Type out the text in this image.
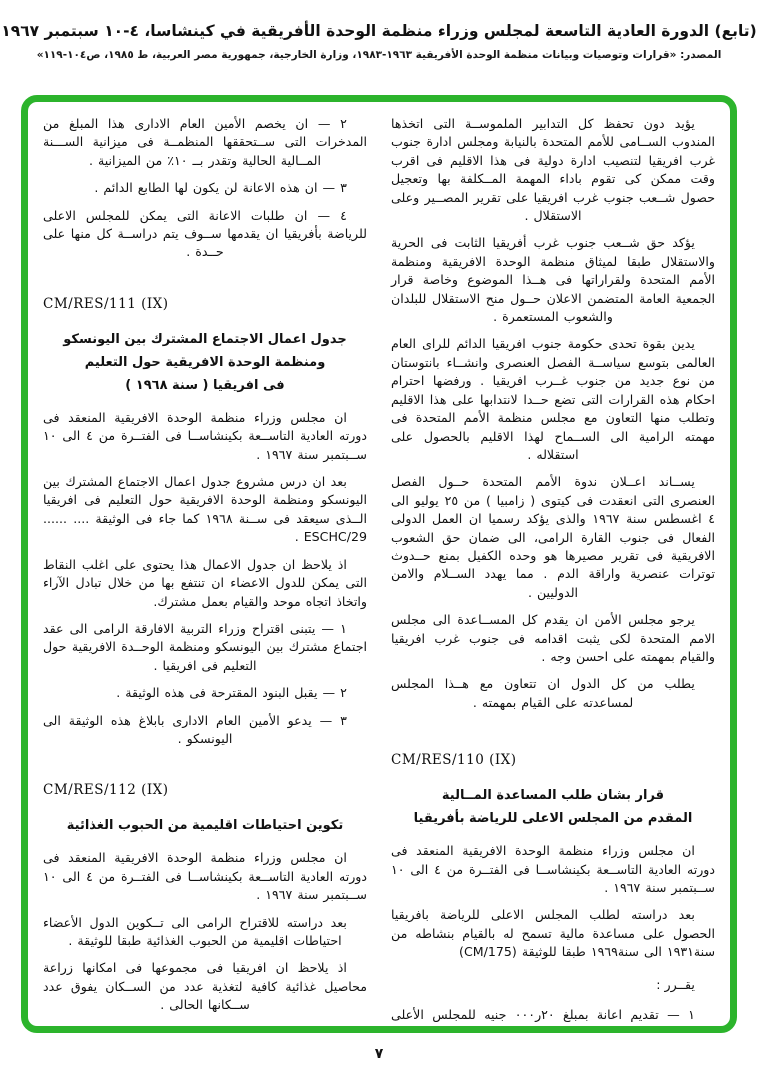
(تابع) الدورة العادية التاسعة لمجلس وزراء منظمة الوحدة الأفريقية في كينشاسا، ٤-١٠ سبتمبر ١٩٦٧
المصدر: «قرارات وتوصيات وبيانات منظمة الوحدة الأفريقية ١٩٦٣-١٩٨٣، وزارة الخارجية، جمهورية مصر العربية، ط ١٩٨٥، ص١٠٤-١١٩»

يؤيد دون تحفظ كل التدابير الملموســة التى اتخذها المندوب الســامى للأمم المتحدة بالنيابة ومجلس ادارة جنوب غرب افريقيا لتنصيب ادارة دولية فى هذا الاقليم فى اقرب وقت ممكن كى تقوم باداء المهمة المــكلفة بها وتعجيل حصول شــعب جنوب غرب افريقيا على تقرير المصــير وعلى الاستقلال .

يؤكد حق شــعب جنوب غرب أفريقيا الثابت فى الحرية والاستقلال طبقا لميثاق منظمة الوحدة الافريقية ومنظمة الأمم المتحدة ولقراراتها فى هــذا الموضوع وخاصة قرار الجمعية العامة المتضمن الاعلان حــول منح الاستقلال للبلدان والشعوب المستعمرة .

يدين بقوة تحدى حكومة جنوب افريقيا الدائم للراى العام العالمى بتوسع سياســة الفصل العنصرى وانشــاء بانتوستان من نوع جديد من جنوب غــرب افريقيا . ورفضها احترام احكام هذه القرارات التى تضع حــدا لانتدابها على هذا الاقليم وتطلب منها التعاون مع مجلس منظمة الأمم المتحدة فى مهمته الرامية الى الســماح لهذا الاقليم بالحصول على استقلاله .

يســاند اعــلان ندوة الأمم المتحدة حــول الفصل العنصرى التى انعقدت فى كيتوى ( زامبيا ) من ٢٥ يوليو الى ٤ اغسطس سنة ١٩٦٧ والذى يؤكد رسميا ان العمل الدولى الفعال فى جنوب القارة الرامى، الى ضمان حق الشعوب الافريقية فى تقرير مصيرها هو وحده الكفيل بمنع حــدوث توترات عنصرية واراقة الدم . مما يهدد الســلام والامن الدوليين .

يرجو مجلس الأمن ان يقدم كل المســاعدة الى مجلس الامم المتحدة لكى يثبت اقدامه فى جنوب غرب افريقيا والقيام بمهمته على احسن وجه .

يطلب من كل الدول ان تتعاون مع هــذا المجلس لمساعدته على القيام بمهمته .

CM/RES/110 (IX)
قرار بشان طلب المساعدة المــالية
المقدم من المجلس الاعلى للرياضة بأفريقيا

ان مجلس وزراء منظمة الوحدة الافريقية المنعقد فى دورته العادية التاســعة بكينشاســا فى الفتــرة من ٤ الى ١٠ ســبتمبر سنة ١٩٦٧ .

بعد دراسته لطلب المجلس الاعلى للرياضة بافريقيا الحصول على مساعدة مالية تسمح له بالقيام بنشاطه من سنة١٩٣١ الى سنة١٩٦٩ طبقا للوثيقة (CM/175)

يقــرر :

١ — تقديم اعانة بمبلغ ٢٠ر٠٠٠ جنيه للمجلس الأعلى للرياضة بافريقيا .

٢ — ان يخصم الأمين العام الادارى هذا المبلغ من المدخرات التى ســتحققها المنظمــة فى ميزانية الســـنة المــالية الحالية وتقدر بــ ١٠٪ من الميزانية .

٣ — ان هذه الاعانة لن يكون لها الطابع الدائم .

٤ — ان طلبات الاعانة التى يمكن للمجلس الاعلى للرياضة بأفريقيا ان يقدمها ســوف يتم دراســة كل منها على حــدة .

CM/RES/111 (IX)
جدول اعمال الاجتماع المشترك بين اليونسكو
ومنظمة الوحدة الافريقية حول التعليم
فى افريقيا ( سنة ١٩٦٨ )

ان مجلس وزراء منظمة الوحدة الافريقية المنعقد فى دورته العادية التاســعة بكينشاســا فى الفتــرة من ٤ الى ١٠ ســبتمبر سنة ١٩٦٧ .

بعد ان درس مشروع جدول اعمال الاجتماع المشترك بين اليونسكو ومنظمة الوحدة الافريقية حول التعليم فى افريقيا الــذى سيعقد فى ســنة ١٩٦٨ كما جاء فى الوثيقة .... ...... ESCHC/29 .

اذ يلاحظ ان جدول الاعمال هذا يحتوى على اغلب النقاط التى يمكن للدول الاعضاء ان تنتفع بها من خلال تبادل الآراء واتخاذ اتجاه موحد والقيام بعمل مشترك.

١ — يتبنى اقتراح وزراء التربية الافارقة الرامى الى عقد اجتماع مشترك بين اليونسكو ومنظمة الوحــدة الافريقية حول التعليم فى افريقيا .

٢ — يقبل البنود المقترحة فى هذه الوثيقة .

٣ — يدعو الأمين العام الادارى بابلاغ هذه الوثيقة الى اليونسكو .

CM/RES/112 (IX)
تكوين احتياطات اقليمية من الحبوب الغذائية

ان مجلس وزراء منظمة الوحدة الافريقية المنعقد فى دورته العادية التاســعة بكينشاســا فى الفتــرة من ٤ الى ١٠ ســبتمبر سنة ١٩٦٧ .

بعد دراسته للاقتراح الرامى الى تــكوين الدول الأعضاء احتياطات اقليمية من الحبوب الغذائية طبقا للوثيقة .

اذ يلاحظ ان افريقيا فى مجموعها فى امكانها زراعة محاصيل غذائية كافية لتغذية عدد من الســكان يفوق عدد ســكانها الحالى .

٧
